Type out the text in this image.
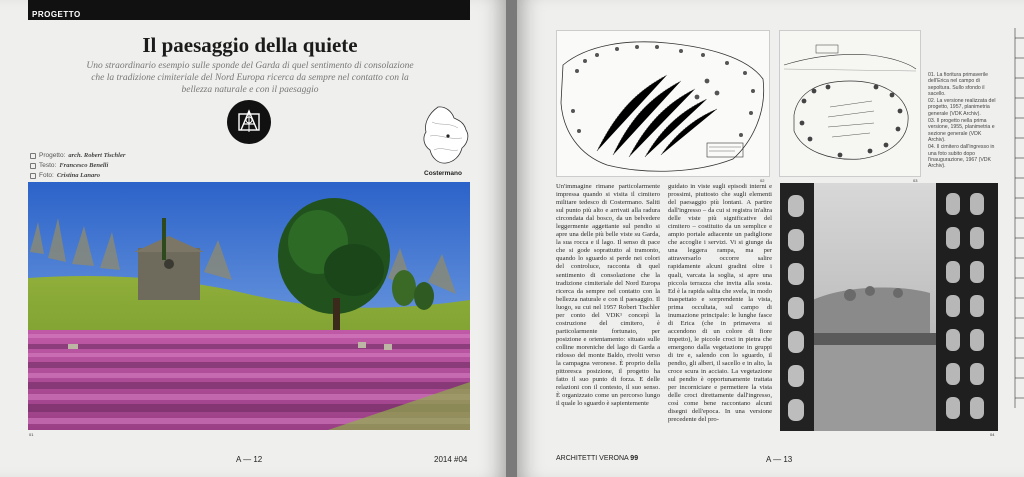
PROGETTO
Il paesaggio della quiete
Uno straordinario esempio sulle sponde del Garda di quel sentimento di consolazione che la tradizione cimiteriale del Nord Europa ricerca da sempre nel contatto con la bellezza naturale e con il paesaggio
Progetto: arch. Robert Tischler
Testo: Francesco Benelli
Foto: Cristina Lanaro	Costermano
01
A — 12	2014 #04
02	03
01. La fioritura primaverile dell'Erica nel campo di sepoltura. Sullo sfondo il sacello.
02. La versione realizzata del progetto, 1957, planimetria generale (VDK Archiv).
03. Il progetto nella prima versione, 1955, planimetria e sezione generale (VDK Archiv).
04. Il cimitero dall'ingresso in una foto subito dopo l'inaugurazione, 1967 (VDK Archiv).
Un'immagine rimane particolarmente impressa quando si visita il cimitero militare tedesco di Costermano. Saliti sul punto più alto e arrivati alla radura circondata dal bosco, da un belvedere leggermente aggettante sul pendio si apre una delle più belle viste su Garda, la sua rocca e il lago. Il senso di pace che si gode soprattutto al tramonto, quando lo sguardo si perde nei colori del controluce, racconta di quel sentimento di consolazione che la tradizione cimiteriale del Nord Europa ricerca da sempre nel contatto con la bellezza naturale e con il paesaggio. Il luogo, su cui nel 1957 Robert Tischler per conto del VDK¹ concepì la costruzione del cimitero, è particolarmente fortunato, per posizione e orientamento: situato sulle colline moreniche del lago di Garda a ridosso del monte Baldo, rivolti verso la campagna veronese. È proprio della pittoresca posizione, il progetto ha fatto il suo punto di forza. E delle relazioni con il contesto, il suo senso. È organizzato come un percorso lungo il quale lo sguardo è sapientemente
guidato in viste sugli episodi interni e prossimi, piuttosto che sugli elementi del paesaggio più lontani. A partire dall'ingresso – da cui si registra in'altra delle viste più significative del cimitero – costituito da un semplice e ampio portale adiacente un padiglione che accoglie i servizi. Vi si giunge da una leggera rampa, ma per attraversarlo occorre salire rapidamente alcuni gradini oltre i quali, varcata la soglia, si apre una piccola terrazza che invita alla sosta. Ed è la rapida salita che svela, in modo inaspettato e sorprendente la vista, prima occultata, sul campo di inumazione principale: le lunghe fasce di Erica (che in primavera si accendono di un colore di fiore impetto), le piccole croci in pietra che emergono dalla vegetazione in gruppi di tre e, salendo con lo sguardo, il pendio, gli alberi, il sacello e in alto, la croce scura in acciaio. La vegetazione sul pendio è opportunamente trattata per incorniciare e permettere la vista delle croci direttamente dall'ingresso, così come bene raccontano alcuni disegni dell'epoca. In una versione precedente del pro-
04
ARCHITETTI VERONA 99	A — 13
